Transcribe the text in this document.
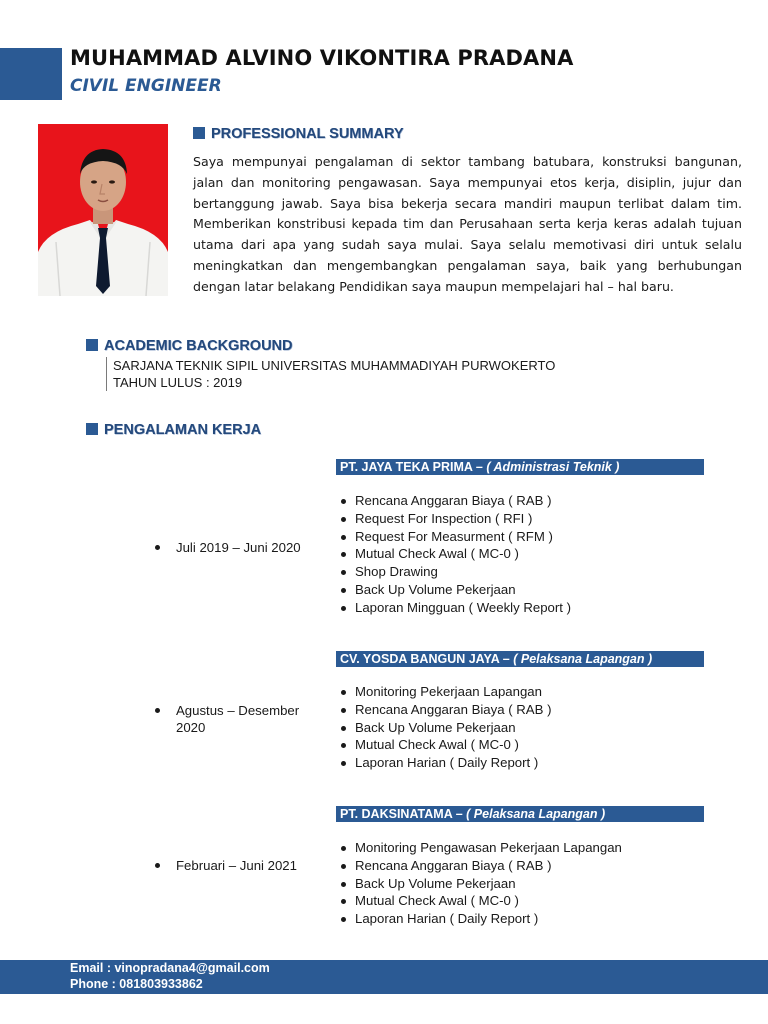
MUHAMMAD ALVINO VIKONTIRA PRADANA
CIVIL ENGINEER
PROFESSIONAL SUMMARY
Saya mempunyai pengalaman di sektor tambang batubara, konstruksi bangunan, jalan dan monitoring pengawasan. Saya mempunyai etos kerja, disiplin, jujur dan bertanggung jawab. Saya bisa bekerja secara mandiri maupun terlibat dalam tim. Memberikan konstribusi kepada tim dan Perusahaan serta kerja keras adalah tujuan utama dari apa yang sudah saya mulai. Saya selalu memotivasi diri untuk selalu meningkatkan dan mengembangkan pengalaman saya, baik yang berhubungan dengan latar belakang Pendidikan saya maupun mempelajari hal – hal baru.
ACADEMIC BACKGROUND
SARJANA TEKNIK SIPIL UNIVERSITAS MUHAMMADIYAH PURWOKERTO
TAHUN LULUS : 2019
PENGALAMAN KERJA
PT. JAYA TEKA PRIMA – ( Administrasi Teknik )
Juli 2019 – Juni 2020
Rencana Anggaran Biaya ( RAB )
Request For Inspection ( RFI )
Request For Measurment ( RFM )
Mutual Check Awal ( MC-0 )
Shop Drawing
Back Up Volume Pekerjaan
Laporan Mingguan ( Weekly Report )
CV. YOSDA BANGUN JAYA – ( Pelaksana Lapangan )
Agustus – Desember 2020
Monitoring Pekerjaan Lapangan
Rencana Anggaran Biaya ( RAB )
Back Up Volume Pekerjaan
Mutual Check Awal ( MC-0 )
Laporan Harian ( Daily Report )
PT. DAKSINATAMA – ( Pelaksana Lapangan )
Februari – Juni 2021
Monitoring Pengawasan Pekerjaan Lapangan
Rencana Anggaran Biaya ( RAB )
Back Up Volume Pekerjaan
Mutual Check Awal ( MC-0 )
Laporan Harian ( Daily Report )
Email : vinopradana4@gmail.com
Phone : 081803933862
